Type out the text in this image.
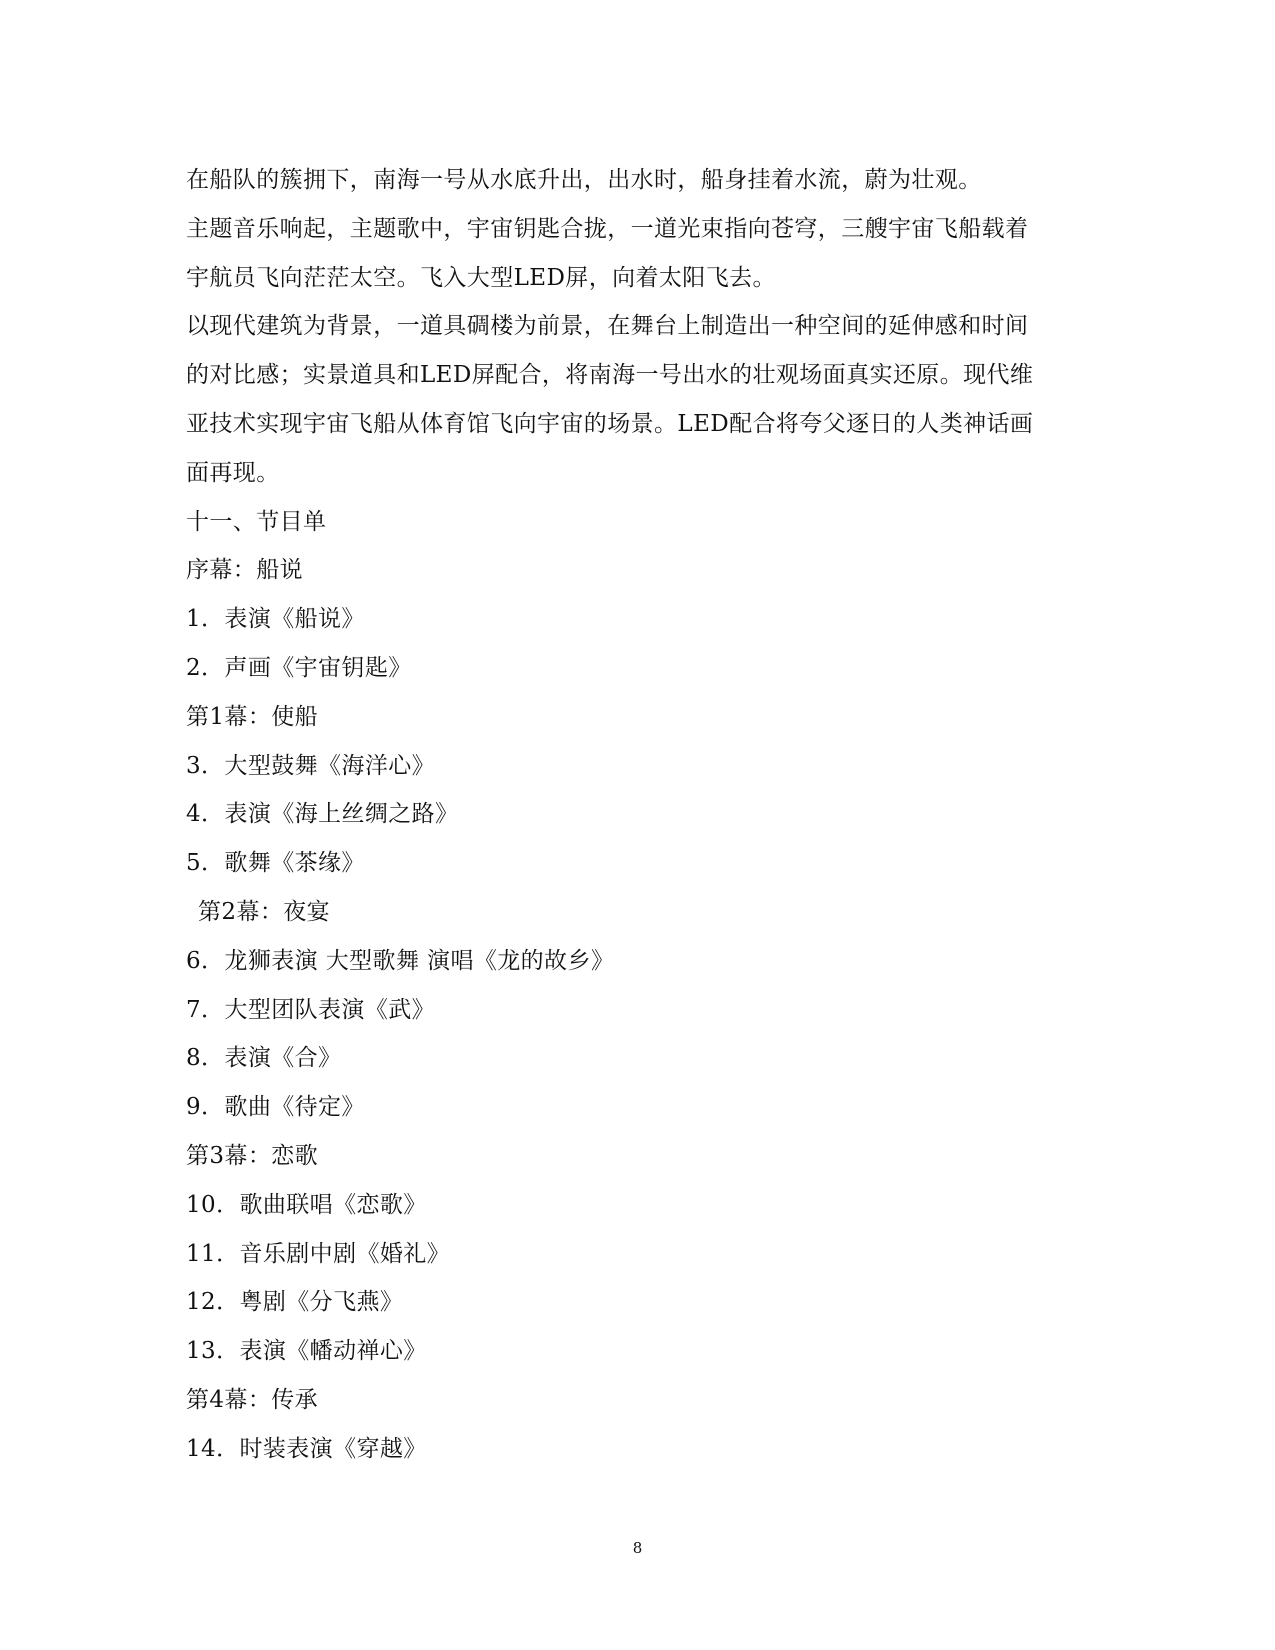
在船队的簇拥下，南海一号从水底升出，出水时，船身挂着水流，蔚为壮观。
主题音乐响起，主题歌中，宇宙钥匙合拢，一道光束指向苍穹，三艘宇宙飞船载着
宇航员飞向茫茫太空。飞入大型LED屏，向着太阳飞去。
以现代建筑为背景，一道具碉楼为前景，在舞台上制造出一种空间的延伸感和时间
的对比感；实景道具和LED屏配合，将南海一号出水的壮观场面真实还原。现代维
亚技术实现宇宙飞船从体育馆飞向宇宙的场景。LED配合将夸父逐日的人类神话画
面再现。
十一、节目单
序幕：船说
1．表演《船说》
2．声画《宇宙钥匙》
第1幕：使船
3．大型鼓舞《海洋心》
4．表演《海上丝绸之路》
5．歌舞《茶缘》
第2幕：夜宴
6．龙狮表演 大型歌舞 演唱《龙的故乡》
7．大型团队表演《武》
8．表演《合》
9．歌曲《待定》
第3幕：恋歌
10．歌曲联唱《恋歌》
11．音乐剧中剧《婚礼》
12．粤剧《分飞燕》
13．表演《幡动禅心》
第4幕：传承
14．时装表演《穿越》
8
